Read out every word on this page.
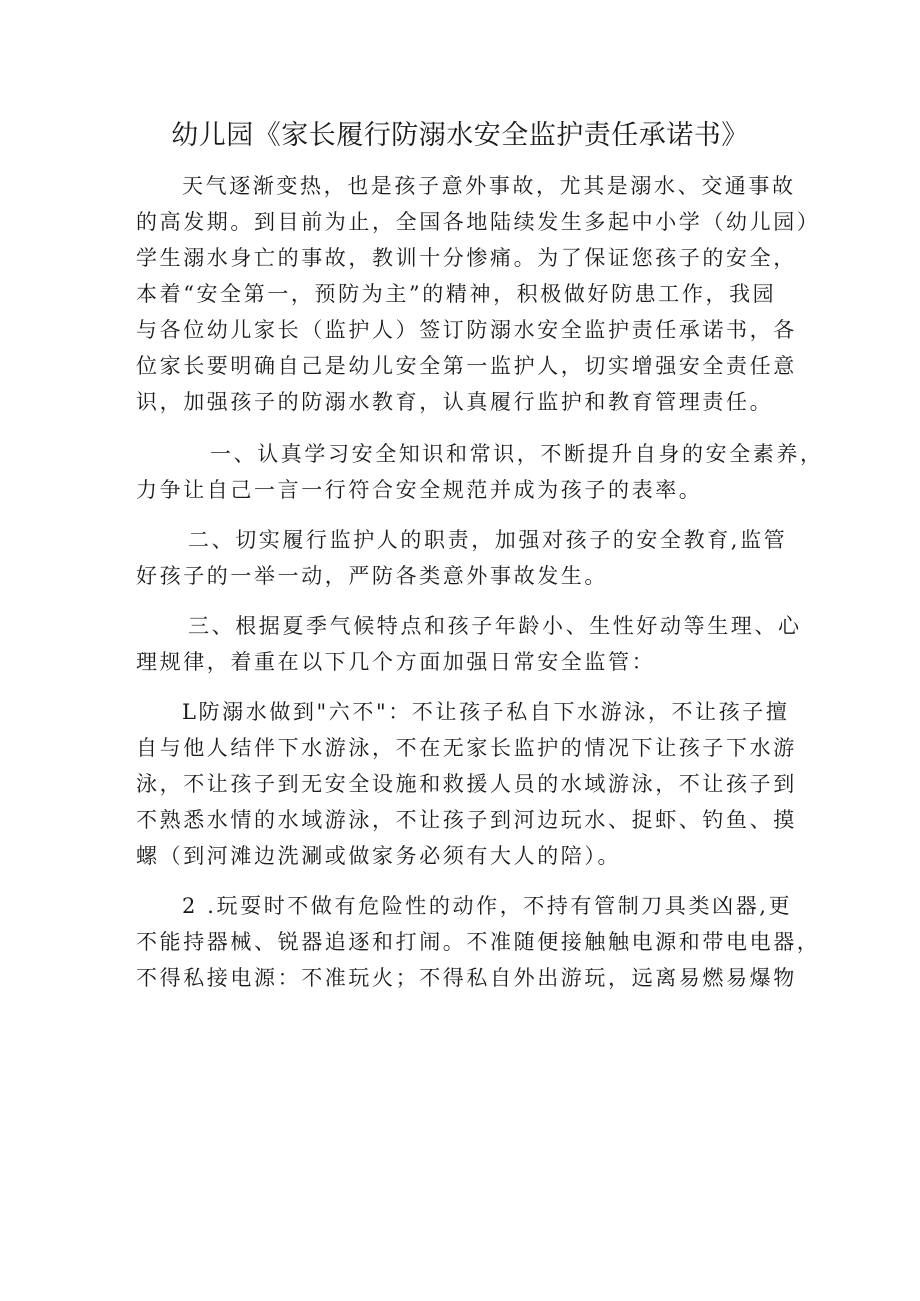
幼儿园《家长履行防溺水安全监护责任承诺书》

天气逐渐变热，也是孩子意外事故，尤其是溺水、交通事故
的高发期。到目前为止，全国各地陆续发生多起中小学（幼儿园）
学生溺水身亡的事故，教训十分惨痛。为了保证您孩子的安全，
本着“安全第一，预防为主”的精神，积极做好防患工作，我园
与各位幼儿家长（监护人）签订防溺水安全监护责任承诺书，各
位家长要明确自己是幼儿安全第一监护人，切实增强安全责任意
识，加强孩子的防溺水教育，认真履行监护和教育管理责任。

一、认真学习安全知识和常识，不断提升自身的安全素养，
力争让自己一言一行符合安全规范并成为孩子的表率。

二、切实履行监护人的职责，加强对孩子的安全教育,监管
好孩子的一举一动，严防各类意外事故发生。

三、根据夏季气候特点和孩子年龄小、生性好动等生理、心
理规律，着重在以下几个方面加强日常安全监管：

L防溺水做到"六不"：不让孩子私自下水游泳，不让孩子擅
自与他人结伴下水游泳，不在无家长监护的情况下让孩子下水游
泳，不让孩子到无安全设施和救援人员的水域游泳，不让孩子到
不熟悉水情的水域游泳，不让孩子到河边玩水、捉虾、钓鱼、摸
螺（到河滩边洗涮或做家务必须有大人的陪）。

2 .玩耍时不做有危险性的动作，不持有管制刀具类凶器,更
不能持器械、锐器追逐和打闹。不准随便接触触电源和带电电器，
不得私接电源：不准玩火；不得私自外出游玩，远离易燃易爆物
